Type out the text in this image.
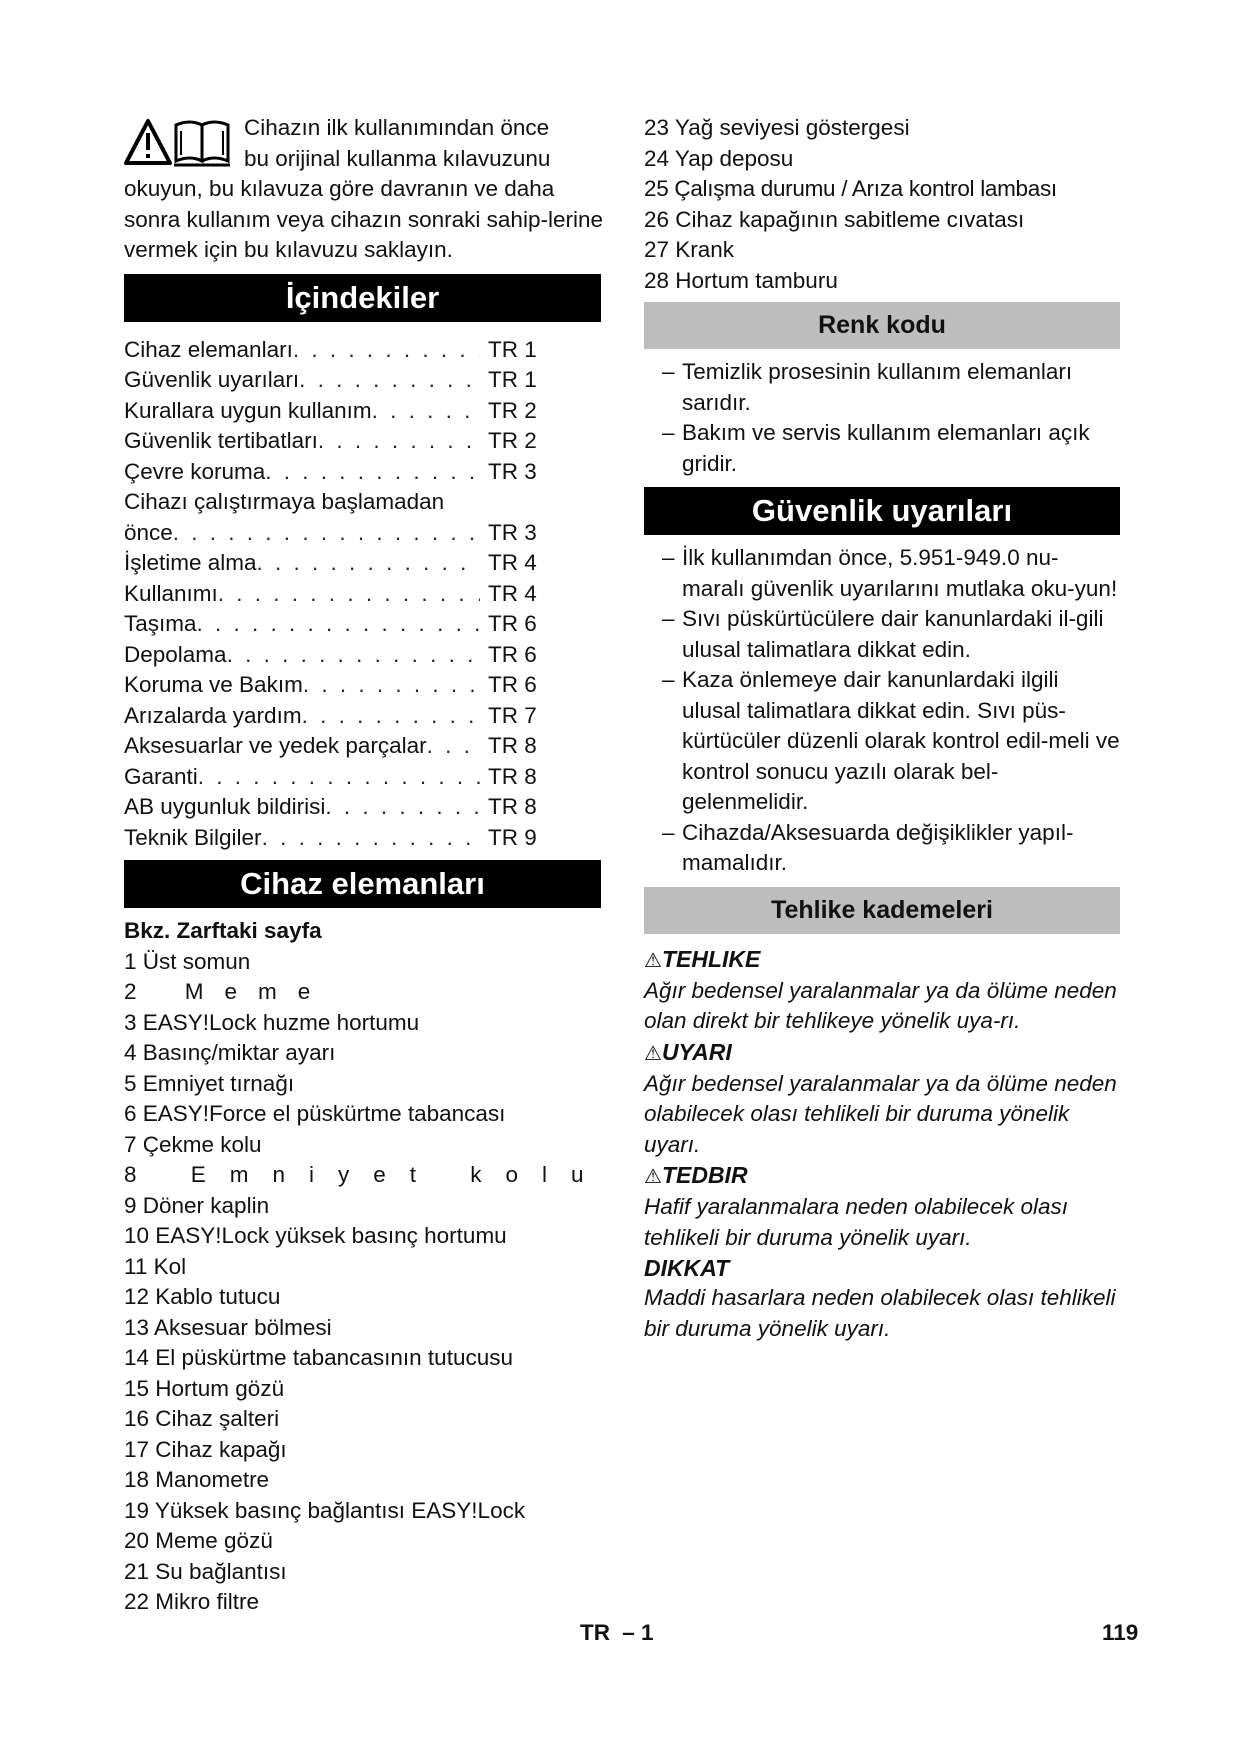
Cihazın ilk kullanımından önce

bu orijinal kullanma kılavuzunu

okuyun, bu kılavuza göre davranın ve daha sonra kullanım veya cihazın sonraki sahip-lerine vermek için bu kılavuzu saklayın.

İçindekiler
Cihaz elemanları . . .	TR 1
Güvenlik uyarıları . . .	TR 1
Kurallara uygun kullanım . . .	TR 2
Güvenlik tertibatları . . .	TR 2
Çevre koruma . . .	TR 3
Cihazı çalıştırmaya başlamadan
önce . . .	TR 3
İşletime alma . . .	TR 4
Kullanımı . . .	TR 4
Taşıma . . .	TR 6
Depolama . . .	TR 6
Koruma ve Bakım . . .	TR 6
Arızalarda yardım . . .	TR 7
Aksesuarlar ve yedek parçalar . . .	TR 8
Garanti . . .	TR 8
AB uygunluk bildirisi . . .	TR 8
Teknik Bilgiler . . .	TR 9
Cihaz elemanları

Bkz. Zarftaki sayfa

1 Üst somun

2 Meme

3 EASY!Lock huzme hortumu

4 Basınç/miktar ayarı

5 Emniyet tırnağı

6 EASY!Force el püskürtme tabancası

7 Çekme kolu

8 Emniyet kolu

9 Döner kaplin

10 EASY!Lock yüksek basınç hortumu

11 Kol

12 Kablo tutucu

13 Aksesuar bölmesi

14 El püskürtme tabancasının tutucusu

15 Hortum gözü

16 Cihaz şalteri

17 Cihaz kapağı

18 Manometre

19 Yüksek basınç bağlantısı EASY!Lock

20 Meme gözü

21 Su bağlantısı

22 Mikro filtre

23 Yağ seviyesi göstergesi

24 Yap deposu

25 Çalışma durumu / Arıza kontrol lambası

26 Cihaz kapağının sabitleme cıvatası

27 Krank

28 Hortum tamburu

Renk kodu

– Temizlik prosesinin kullanım elemanları sarıdır.

– Bakım ve servis kullanım elemanları açık gridir.

Güvenlik uyarıları

– İlk kullanımdan önce, 5.951-949.0 nu-maralı güvenlik uyarılarını mutlaka oku-yun!

– Sıvı püskürtücülere dair kanunlardaki il-gili ulusal talimatlara dikkat edin.

– Kaza önlemeye dair kanunlardaki ilgili ulusal talimatlara dikkat edin. Sıvı püs-kürtücüler düzenli olarak kontrol edil-meli ve kontrol sonucu yazılı olarak bel-gelenmelidir.

– Cihazda/Aksesuarda değişiklikler yapıl-mamalıdır.

Tehlike kademeleri

⚠TEHLIKE

Ağır bedensel yaralanmalar ya da ölüme neden olan direkt bir tehlikeye yönelik uya-rı.

⚠UYARI

Ağır bedensel yaralanmalar ya da ölüme neden olabilecek olası tehlikeli bir duruma yönelik uyarı.

⚠TEDBIR

Hafif yaralanmalara neden olabilecek olası tehlikeli bir duruma yönelik uyarı.

DIKKAT

Maddi hasarlara neden olabilecek olası tehlikeli bir duruma yönelik uyarı.

TR – 1	119
